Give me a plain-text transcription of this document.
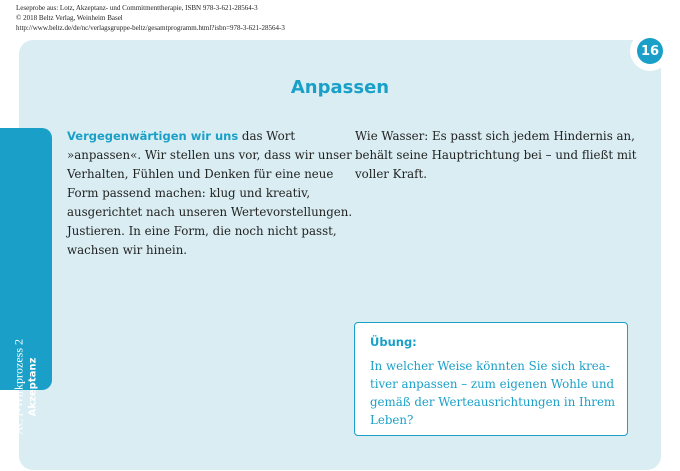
Leseprobe aus: Lotz, Akzeptanz- und Commitmenttherapie, ISBN 978-3-621-28564-3
© 2018 Beltz Verlag, Weinheim Basel
http://www.beltz.de/de/nc/verlagsgruppe-beltz/gesamtprogramm.html?isbn=978-3-621-28564-3
16
ACT-Wirkprozess 2 Akzeptanz
Anpassen
Vergegenwärtigen wir uns das Wort »anpassen«. Wir stellen uns vor, dass wir unser Verhalten, Fühlen und Denken für eine neue Form passend machen: klug und kreativ, ausgerichtet nach unseren Wertevorstellungen. Justieren. In eine Form, die noch nicht passt, wachsen wir hinein.
Wie Wasser: Es passt sich jedem Hindernis an, behält seine Hauptrichtung bei – und fließt mit voller Kraft.
Übung:
In welcher Weise könnten Sie sich krea-
tiver anpassen – zum eigenen Wohle und
gemäß der Werteausrichtungen in Ihrem
Leben?
